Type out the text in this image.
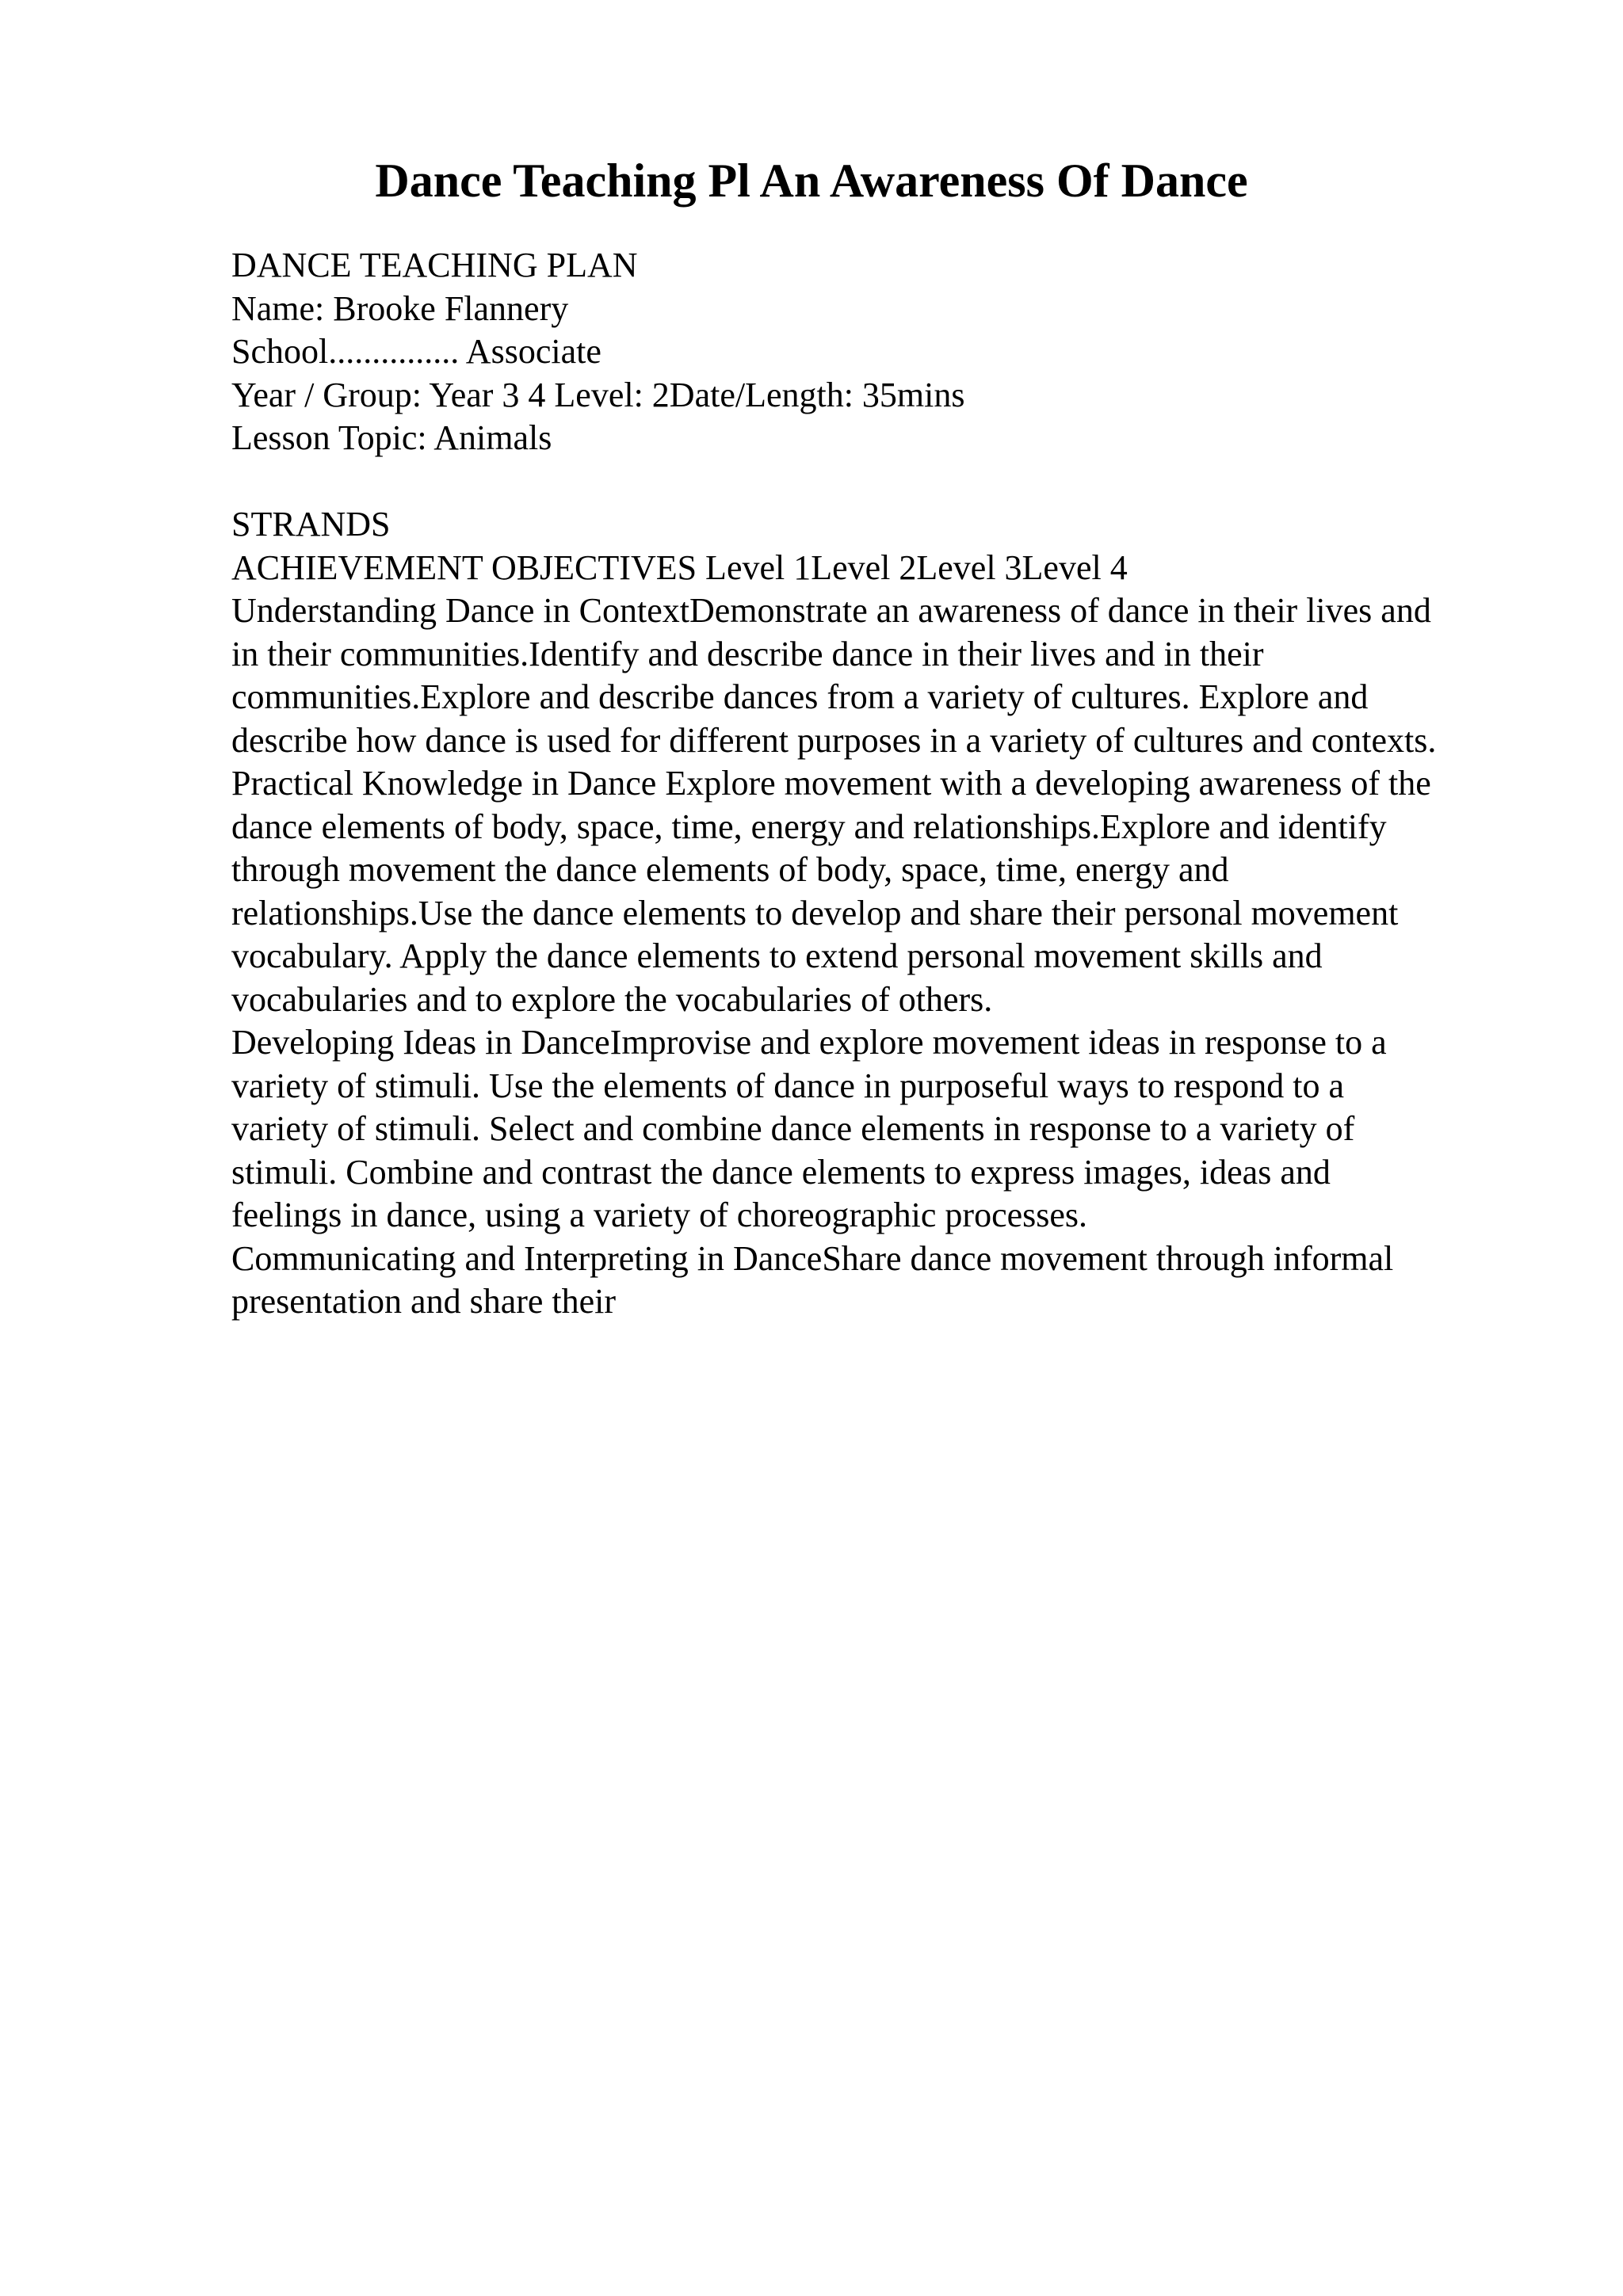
Dance Teaching Pl An Awareness Of Dance
DANCE TEACHING PLAN
Name: Brooke Flannery
School............... Associate
Year / Group: Year 3 4 Level: 2Date/Length: 35mins
Lesson Topic: Animals
STRANDS
ACHIEVEMENT OBJECTIVES Level 1Level 2Level 3Level 4
Understanding Dance in ContextDemonstrate an awareness of dance in their lives and
in their communities.Identify and describe dance in their lives and in their
communities.Explore and describe dances from a variety of cultures. Explore and
describe how dance is used for different purposes in a variety of cultures and contexts.
Practical Knowledge in Dance Explore movement with a developing awareness of the
dance elements of body, space, time, energy and relationships.Explore and identify
through movement the dance elements of body, space, time, energy and
relationships.Use the dance elements to develop and share their personal movement
vocabulary. Apply the dance elements to extend personal movement skills and
vocabularies and to explore the vocabularies of others.
Developing Ideas in DanceImprovise and explore movement ideas in response to a
variety of stimuli. Use the elements of dance in purposeful ways to respond to a
variety of stimuli. Select and combine dance elements in response to a variety of
stimuli. Combine and contrast the dance elements to express images, ideas and
feelings in dance, using a variety of choreographic processes.
Communicating and Interpreting in DanceShare dance movement through informal
presentation and share their
